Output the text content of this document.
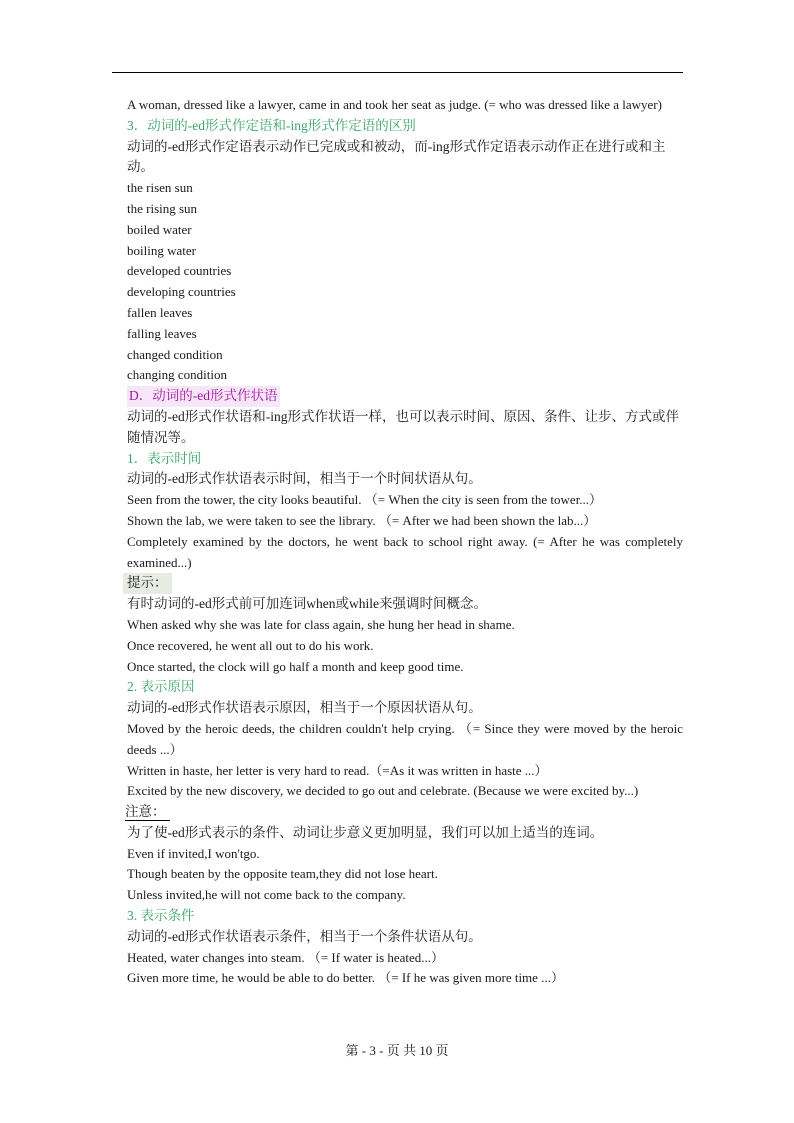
A woman, dressed like a lawyer, came in and took her seat as judge. (= who was dressed like a lawyer)
3．动词的-ed形式作定语和-ing形式作定语的区别
动词的-ed形式作定语表示动作已完成或和被动，而-ing形式作定语表示动作正在进行或和主动。
the risen sun
the rising sun
boiled water
boiling water
developed countries
developing countries
fallen leaves
falling leaves
changed condition
changing condition
D．动词的-ed形式作状语
动词的-ed形式作状语和-ing形式作状语一样，也可以表示时间、原因、条件、让步、方式或伴随情况等。
1．表示时间
动词的-ed形式作状语表示时间，相当于一个时间状语从句。
Seen from the tower, the city looks beautiful. （= When the city is seen from the tower...）
Shown the lab, we were taken to see the library. （= After we had been shown the lab...）
Completely examined by the doctors, he went back to school right away. (= After he was completely examined...)
提示：
有时动词的-ed形式前可加连词when或while来强调时间概念。
When asked why she was late for class again, she hung her head in shame.
Once recovered, he went all out to do his work.
Once started, the clock will go half a month and keep good time.
2. 表示原因
动词的-ed形式作状语表示原因，相当于一个原因状语从句。
Moved by the heroic deeds, the children couldn't help crying. （= Since they were moved by the heroic deeds ...）
Written in haste, her letter is very hard to read.（=As it was written in haste ...）
Excited by the new discovery, we decided to go out and celebrate. (Because we were excited by...)
注意：
为了使-ed形式表示的条件、动词让步意义更加明显，我们可以加上适当的连词。
Even if invited,I won'tgo.
Though beaten by the opposite team,they did not lose heart.
Unless invited,he will not come back to the company.
3. 表示条件
动词的-ed形式作状语表示条件，相当于一个条件状语从句。
Heated, water changes into steam. （= If water is heated...）
Given more time, he would be able to do better. （= If he was given more time ...）
第 - 3 - 页 共 10 页
